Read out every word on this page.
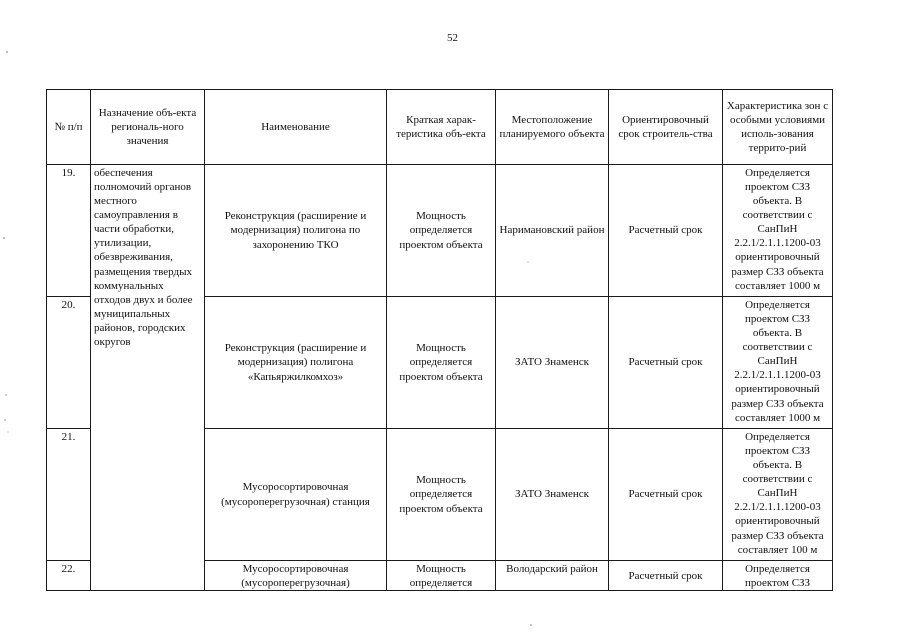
52
№ п/п	Назначение объ-екта региональ-ного значения	Наименование	Краткая харак-теристика объ-екта	Местоположение планируемого объекта	Ориентировочный срок строитель-ства	Характеристика зон с особыми условиями исполь-зования террито-рий
19.	обеспечения полномочий органов местного самоуправления в части обработки, утилизации, обезвреживания, размещения твердых коммунальных отходов двух и более муниципальных районов, городских округов	Реконструкция (расширение и модернизация) полигона по захоронению ТКО	Мощность определяется проектом объекта	Наримановский район	Расчетный срок	Определяется проектом СЗЗ объекта. В соответствии с СанПиН 2.2.1/2.1.1.1200-03 ориентировочный размер СЗЗ объекта составляет 1000 м
20.		Реконструкция (расширение и модернизация) полигона «Капьяржилкомхоз»	Мощность определяется проектом объекта	ЗАТО Знаменск	Расчетный срок	Определяется проектом СЗЗ объекта. В соответствии с СанПиН 2.2.1/2.1.1.1200-03 ориентировочный размер СЗЗ объекта составляет 1000 м
21.		Мусоросортировочная (мусороперегрузочная) станция	Мощность определяется проектом объекта	ЗАТО Знаменск	Расчетный срок	Определяется проектом СЗЗ объекта. В соответствии с СанПиН 2.2.1/2.1.1.1200-03 ориентировочный размер СЗЗ объекта составляет 100 м
22.		Мусоросортировочная (мусороперегрузочная)	Мощность определяется	Володарский район	Расчетный срок	Определяется проектом СЗЗ
